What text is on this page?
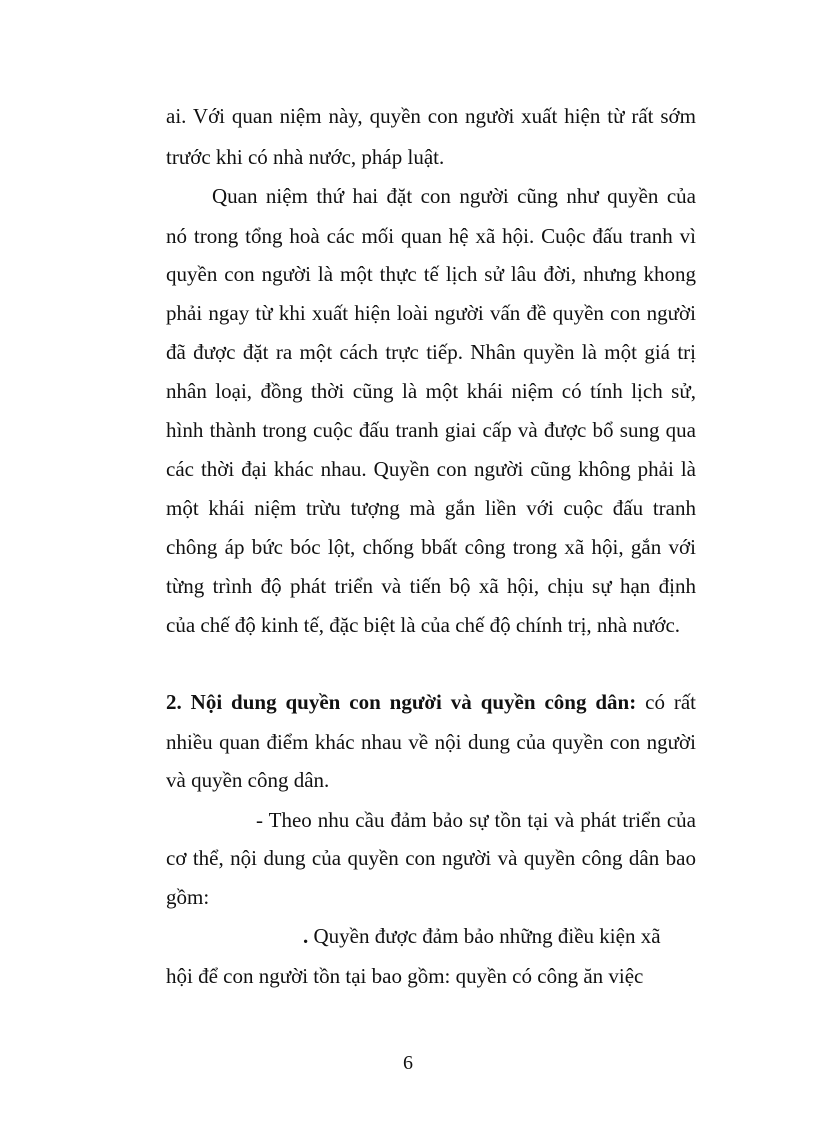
ai. Với quan niệm này, quyền con người xuất hiện từ rất sớm
trước khi có nhà nước, pháp luật.
Quan niệm thứ hai đặt con người cũng như quyền của
nó trong tổng hoà các mối quan hệ xã hội. Cuộc đấu tranh vì
quyền con người là một thực tế lịch sử lâu đời, nhưng khong
phải ngay từ khi xuất hiện loài người vấn đề quyền con người
đã được đặt ra một cách trực tiếp. Nhân quyền là một giá trị
nhân loại, đồng thời cũng là một khái niệm có tính lịch sử,
hình thành trong cuộc đấu tranh giai cấp và được bổ sung qua
các thời đại khác nhau. Quyền con người cũng không phải là
một khái niệm trừu tượng mà gắn liền với cuộc đấu tranh
chông áp bức bóc lột, chống bbất công trong xã hội, gắn với
từng trình độ phát triển và tiến bộ xã hội, chịu sự hạn định
của chế độ kinh tế, đặc biệt là của chế độ chính trị, nhà nước.
2. Nội dung quyền con người và quyền công dân: có rất
nhiều quan điểm khác nhau về nội dung của quyền con người
và quyền công dân.
- Theo nhu cầu đảm bảo sự tồn tại và phát triển của
cơ thể, nội dung của quyền con người và quyền công dân bao
gồm:
. Quyền được đảm bảo những điều kiện xã
hội để con người tồn tại bao gồm: quyền có công ăn việc
6
